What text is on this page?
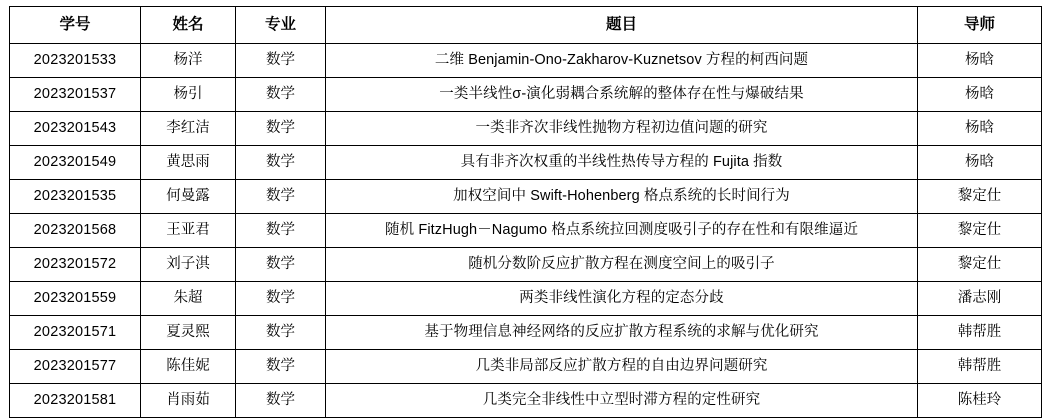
学号	姓名	专业	题目	导师
2023201533	杨洋	数学	二维 Benjamin-Ono-Zakharov-Kuznetsov 方程的柯西问题	杨晗
2023201537	杨引	数学	一类半线性σ-演化弱耦合系统解的整体存在性与爆破结果	杨晗
2023201543	李红洁	数学	一类非齐次非线性抛物方程初边值问题的研究	杨晗
2023201549	黄思雨	数学	具有非齐次权重的半线性热传导方程的 Fujita 指数	杨晗
2023201535	何曼露	数学	加权空间中 Swift-Hohenberg 格点系统的长时间行为	黎定仕
2023201568	王亚君	数学	随机 FitzHugh－Nagumo 格点系统拉回测度吸引子的存在性和有限维逼近	黎定仕
2023201572	刘子淇	数学	随机分数阶反应扩散方程在测度空间上的吸引子	黎定仕
2023201559	朱超	数学	两类非线性演化方程的定态分歧	潘志刚
2023201571	夏灵熙	数学	基于物理信息神经网络的反应扩散方程系统的求解与优化研究	韩帮胜
2023201577	陈佳妮	数学	几类非局部反应扩散方程的自由边界问题研究	韩帮胜
2023201581	肖雨茹	数学	几类完全非线性中立型时滞方程的定性研究	陈桂玲
